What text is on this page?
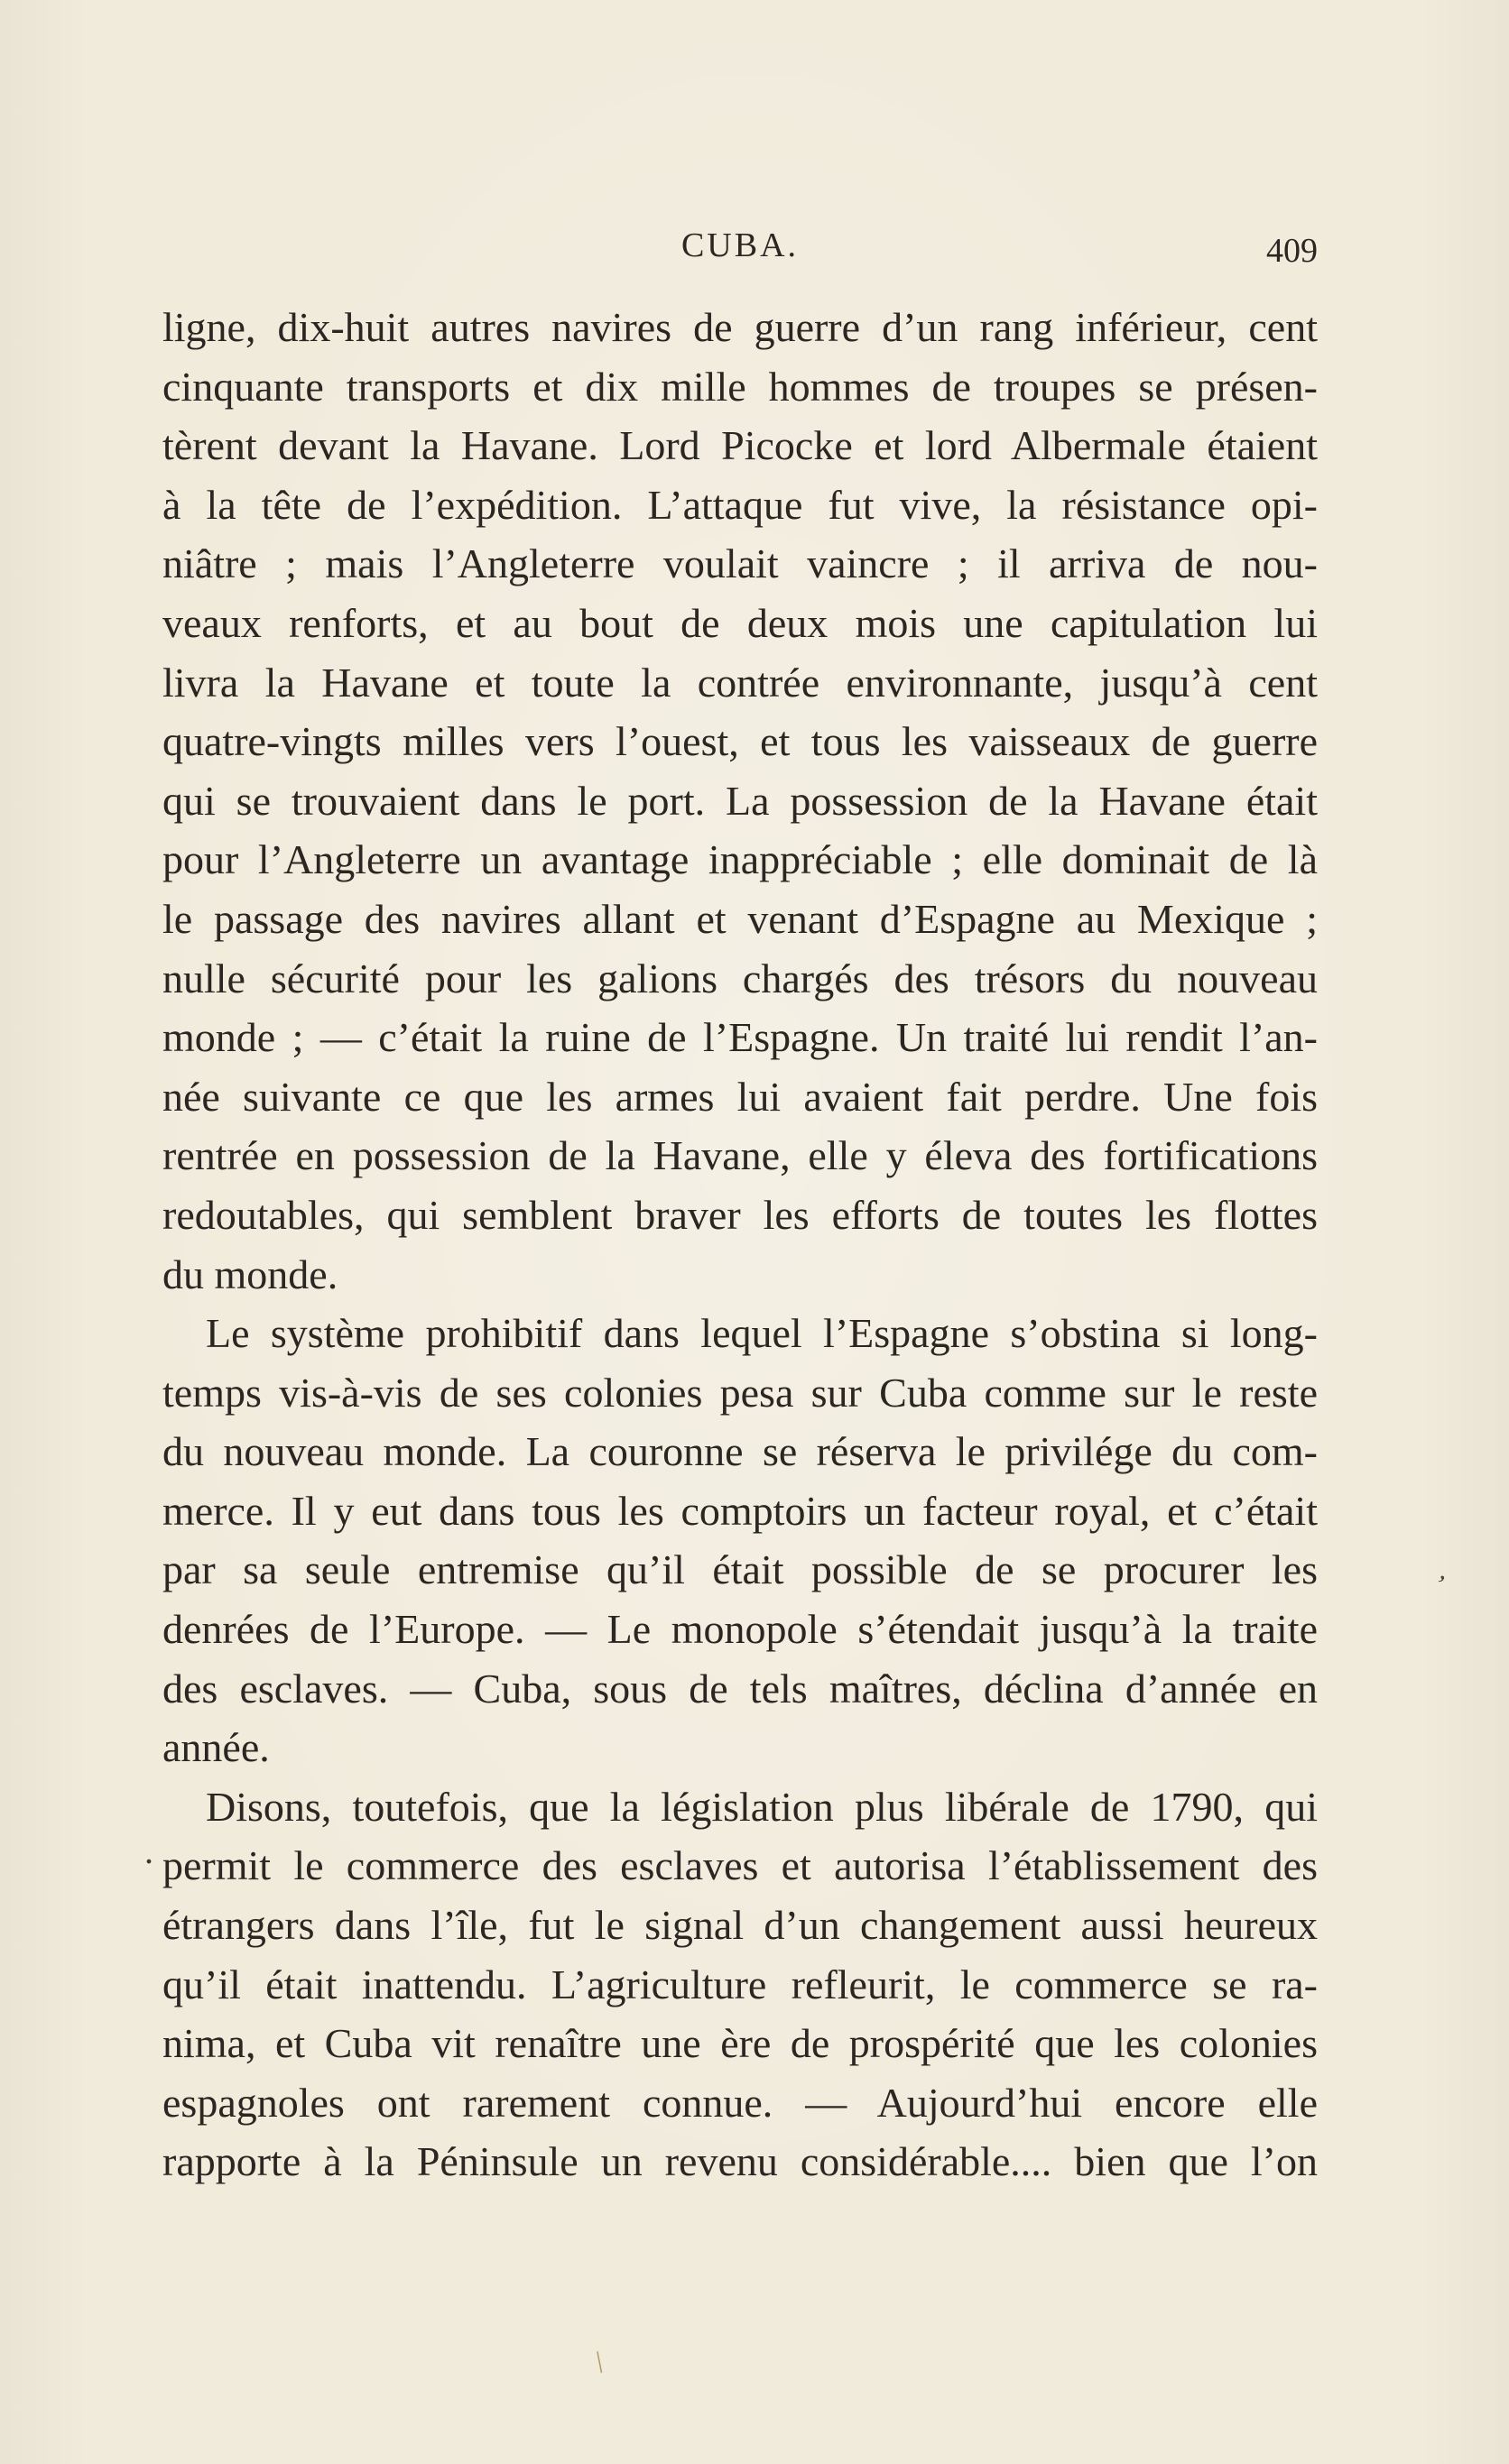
CUBA.	409
ligne, dix-huit autres navires de guerre d’un rang inférieur, cent
cinquante transports et dix mille hommes de troupes se présen-
tèrent devant la Havane. Lord Picocke et lord Albermale étaient
à la tête de l’expédition. L’attaque fut vive, la résistance opi-
niâtre ; mais l’Angleterre voulait vaincre ; il arriva de nou-
veaux renforts, et au bout de deux mois une capitulation lui
livra la Havane et toute la contrée environnante, jusqu’à cent
quatre-vingts milles vers l’ouest, et tous les vaisseaux de guerre
qui se trouvaient dans le port. La possession de la Havane était
pour l’Angleterre un avantage inappréciable ; elle dominait de là
le passage des navires allant et venant d’Espagne au Mexique ;
nulle sécurité pour les galions chargés des trésors du nouveau
monde ; — c’était la ruine de l’Espagne. Un traité lui rendit l’an-
née suivante ce que les armes lui avaient fait perdre. Une fois
rentrée en possession de la Havane, elle y éleva des fortifications
redoutables, qui semblent braver les efforts de toutes les flottes
du monde.
Le système prohibitif dans lequel l’Espagne s’obstina si long-
temps vis-à-vis de ses colonies pesa sur Cuba comme sur le reste
du nouveau monde. La couronne se réserva le privilége du com-
merce. Il y eut dans tous les comptoirs un facteur royal, et c’était
par sa seule entremise qu’il était possible de se procurer les
denrées de l’Europe. — Le monopole s’étendait jusqu’à la traite
des esclaves. — Cuba, sous de tels maîtres, déclina d’année en
année.
Disons, toutefois, que la législation plus libérale de 1790, qui
permit le commerce des esclaves et autorisa l’établissement des
étrangers dans l’île, fut le signal d’un changement aussi heureux
qu’il était inattendu. L’agriculture refleurit, le commerce se ra-
nima, et Cuba vit renaître une ère de prospérité que les colonies
espagnoles ont rarement connue. — Aujourd’hui encore elle
rapporte à la Péninsule un revenu considérable.... bien que l’on
.
ʼ
/
